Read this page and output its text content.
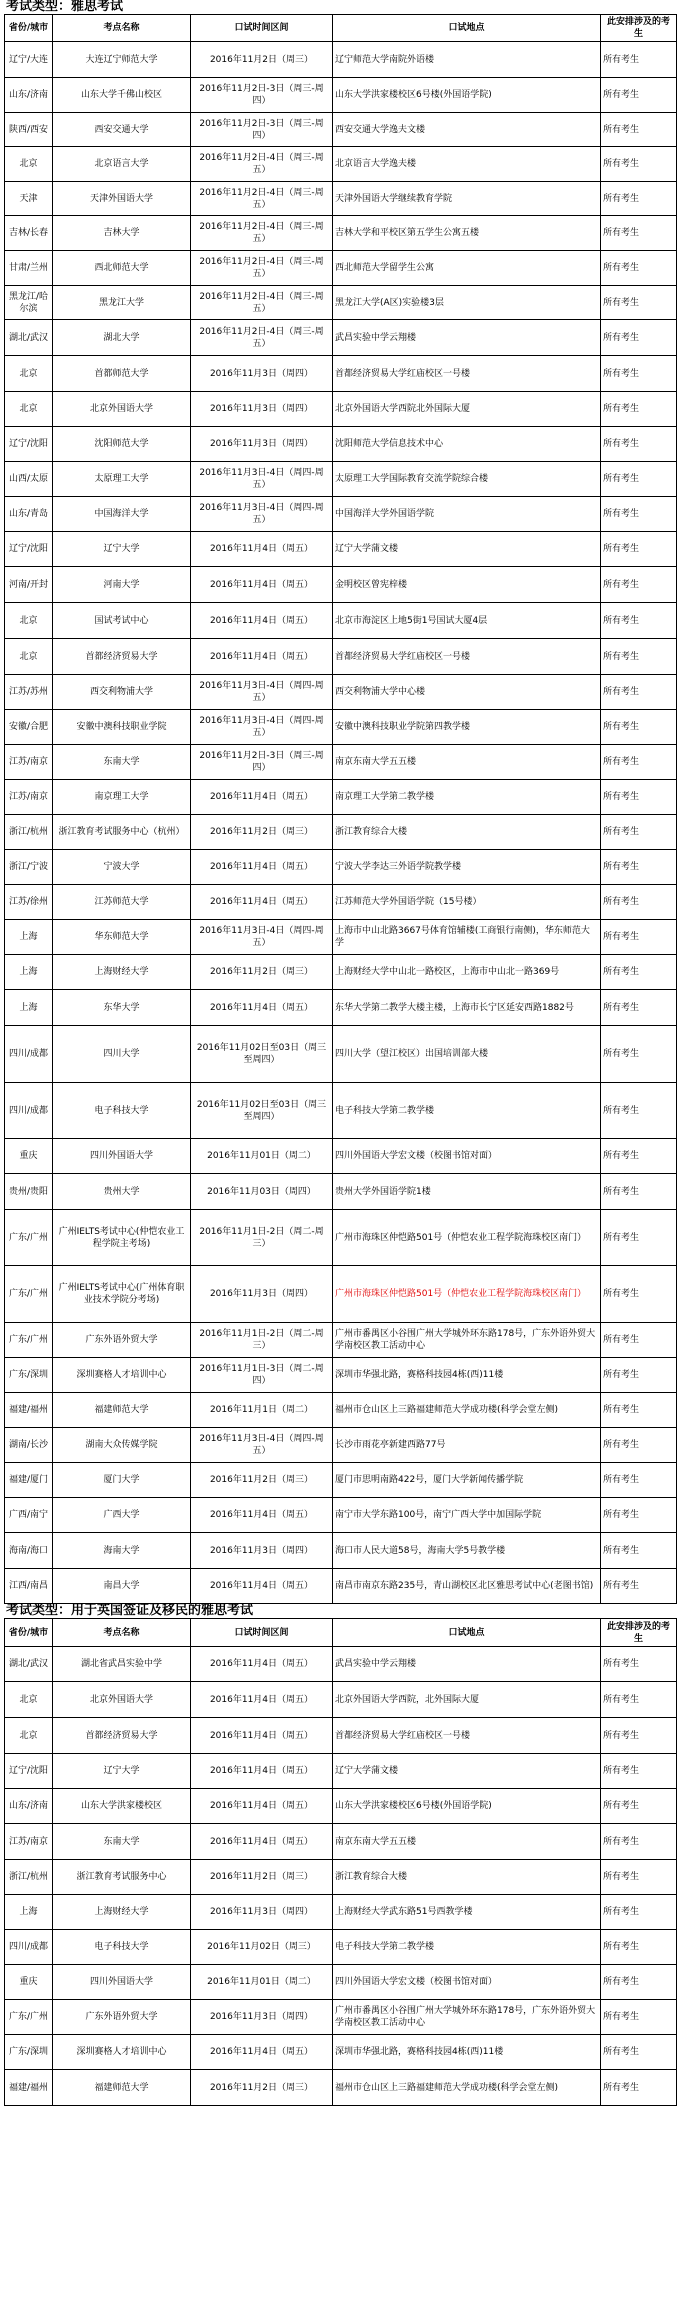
考试类型：雅思考试
省份/城市	考点名称	口试时间区间	口试地点	此安排涉及的考生
辽宁/大连	大连辽宁师范大学	2016年11月2日（周三）	辽宁师范大学南院外语楼	所有考生
山东/济南	山东大学千佛山校区	2016年11月2日-3日（周三-周四）	山东大学洪家楼校区6号楼(外国语学院)	所有考生
陕西/西安	西安交通大学	2016年11月2日-3日（周三-周四）	西安交通大学逸夫文楼	所有考生
北京	北京语言大学	2016年11月2日-4日（周三-周五）	北京语言大学逸夫楼	所有考生
天津	天津外国语大学	2016年11月2日-4日（周三-周五）	天津外国语大学继续教育学院	所有考生
吉林/长春	吉林大学	2016年11月2日-4日（周三-周五）	吉林大学和平校区第五学生公寓五楼	所有考生
甘肃/兰州	西北师范大学	2016年11月2日-4日（周三-周五）	西北师范大学留学生公寓	所有考生
黑龙江/哈尔滨	黑龙江大学	2016年11月2日-4日（周三-周五）	黑龙江大学(A区)实验楼3层	所有考生
湖北/武汉	湖北大学	2016年11月2日-4日（周三-周五）	武昌实验中学云翔楼	所有考生
北京	首都师范大学	2016年11月3日（周四）	首都经济贸易大学红庙校区一号楼	所有考生
北京	北京外国语大学	2016年11月3日（周四）	北京外国语大学西院北外国际大厦	所有考生
辽宁/沈阳	沈阳师范大学	2016年11月3日（周四）	沈阳师范大学信息技术中心	所有考生
山西/太原	太原理工大学	2016年11月3日-4日（周四-周五）	太原理工大学国际教育交流学院综合楼	所有考生
山东/青岛	中国海洋大学	2016年11月3日-4日（周四-周五）	中国海洋大学外国语学院	所有考生
辽宁/沈阳	辽宁大学	2016年11月4日（周五）	辽宁大学蒲文楼	所有考生
河南/开封	河南大学	2016年11月4日（周五）	金明校区曾宪梓楼	所有考生
北京	国试考试中心	2016年11月4日（周五）	北京市海淀区上地5街1号国试大厦4层	所有考生
北京	首都经济贸易大学	2016年11月4日（周五）	首都经济贸易大学红庙校区一号楼	所有考生
江苏/苏州	西交利物浦大学	2016年11月3日-4日（周四-周五）	西交利物浦大学中心楼	所有考生
安徽/合肥	安徽中澳科技职业学院	2016年11月3日-4日（周四-周五）	安徽中澳科技职业学院第四教学楼	所有考生
江苏/南京	东南大学	2016年11月2日-3日（周三-周四）	南京东南大学五五楼	所有考生
江苏/南京	南京理工大学	2016年11月4日（周五）	南京理工大学第二教学楼	所有考生
浙江/杭州	浙江教育考试服务中心（杭州）	2016年11月2日（周三）	浙江教育综合大楼	所有考生
浙江/宁波	宁波大学	2016年11月4日（周五）	宁波大学李达三外语学院教学楼	所有考生
江苏/徐州	江苏师范大学	2016年11月4日（周五）	江苏师范大学外国语学院（15号楼）	所有考生
上海	华东师范大学	2016年11月3日-4日（周四-周五）	上海市中山北路3667号体育馆辅楼(工商银行南侧)，华东师范大学	所有考生
上海	上海财经大学	2016年11月2日（周三）	上海财经大学中山北一路校区，上海市中山北一路369号	所有考生
上海	东华大学	2016年11月4日（周五）	东华大学第二教学大楼主楼，上海市长宁区延安西路1882号	所有考生
四川/成都	四川大学	2016年11月02日至03日（周三至周四）	四川大学（望江校区）出国培训部大楼	所有考生
四川/成都	电子科技大学	2016年11月02日至03日（周三至周四）	电子科技大学第二教学楼	所有考生
重庆	四川外国语大学	2016年11月01日（周二）	四川外国语大学宏文楼（校图书馆对面）	所有考生
贵州/贵阳	贵州大学	2016年11月03日（周四）	贵州大学外国语学院1楼	所有考生
广东/广州	广州IELTS考试中心(仲恺农业工程学院主考场)	2016年11月1日-2日（周二-周三）	广州市海珠区仲恺路501号（仲恺农业工程学院海珠校区南门）	所有考生
广东/广州	广州IELTS考试中心(广州体育职业技术学院分考场)	2016年11月3日（周四）	广州市海珠区仲恺路501号（仲恺农业工程学院海珠校区南门）	所有考生
广东/广州	广东外语外贸大学	2016年11月1日-2日（周二-周三）	广州市番禺区小谷围广州大学城外环东路178号，广东外语外贸大学南校区教工活动中心	所有考生
广东/深圳	深圳赛格人才培训中心	2016年11月1日-3日（周二-周四）	深圳市华强北路，赛格科技园4栋(西)11楼	所有考生
福建/福州	福建师范大学	2016年11月1日（周二）	福州市仓山区上三路福建师范大学成功楼(科学会堂左侧)	所有考生
湖南/长沙	湖南大众传媒学院	2016年11月3日-4日（周四-周五）	长沙市雨花亭新建西路77号	所有考生
福建/厦门	厦门大学	2016年11月2日（周三）	厦门市思明南路422号，厦门大学新闻传播学院	所有考生
广西/南宁	广西大学	2016年11月4日（周五）	南宁市大学东路100号，南宁广西大学中加国际学院	所有考生
海南/海口	海南大学	2016年11月3日（周四）	海口市人民大道58号，海南大学5号教学楼	所有考生
江西/南昌	南昌大学	2016年11月4日（周五）	南昌市南京东路235号，青山湖校区北区雅思考试中心(老图书馆)	所有考生
考试类型：用于英国签证及移民的雅思考试
省份/城市	考点名称	口试时间区间	口试地点	此安排涉及的考生
湖北/武汉	湖北省武昌实验中学	2016年11月4日（周五）	武昌实验中学云翔楼	所有考生
北京	北京外国语大学	2016年11月4日（周五）	北京外国语大学西院，北外国际大厦	所有考生
北京	首都经济贸易大学	2016年11月4日（周五）	首都经济贸易大学红庙校区一号楼	所有考生
辽宁/沈阳	辽宁大学	2016年11月4日（周五）	辽宁大学蒲文楼	所有考生
山东/济南	山东大学洪家楼校区	2016年11月4日（周五）	山东大学洪家楼校区6号楼(外国语学院)	所有考生
江苏/南京	东南大学	2016年11月4日（周五）	南京东南大学五五楼	所有考生
浙江/杭州	浙江教育考试服务中心	2016年11月2日（周三）	浙江教育综合大楼	所有考生
上海	上海财经大学	2016年11月3日（周四）	上海财经大学武东路51号西教学楼	所有考生
四川/成都	电子科技大学	2016年11月02日（周三）	电子科技大学第二教学楼	所有考生
重庆	四川外国语大学	2016年11月01日（周二）	四川外国语大学宏文楼（校图书馆对面）	所有考生
广东/广州	广东外语外贸大学	2016年11月3日（周四）	广州市番禺区小谷围广州大学城外环东路178号，广东外语外贸大学南校区教工活动中心	所有考生
广东/深圳	深圳赛格人才培训中心	2016年11月4日（周五）	深圳市华强北路，赛格科技园4栋(西)11楼	所有考生
福建/福州	福建师范大学	2016年11月2日（周三）	福州市仓山区上三路福建师范大学成功楼(科学会堂左侧)	所有考生
